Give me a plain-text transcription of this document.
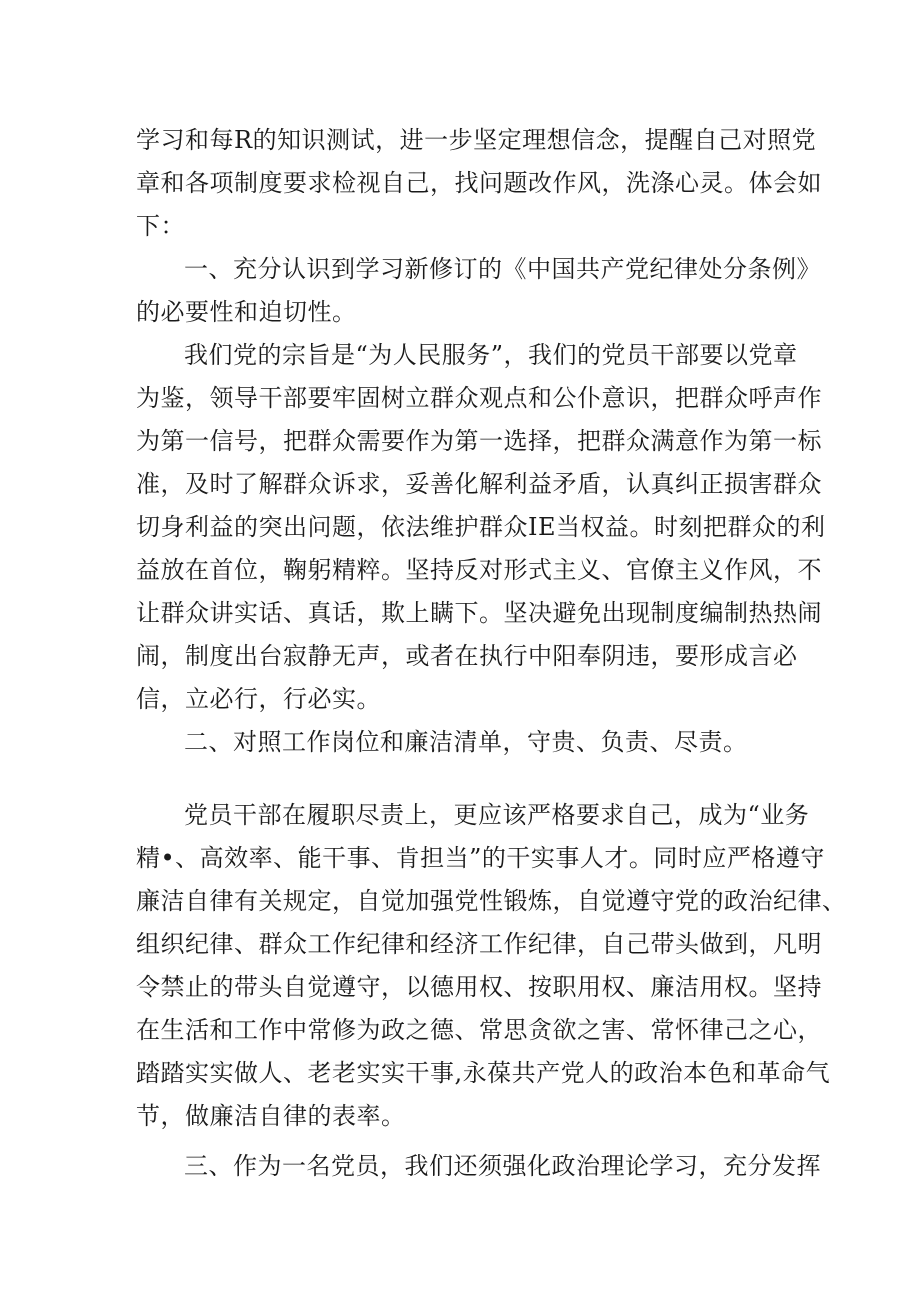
学习和每R的知识测试，进一步坚定理想信念，提醒自己对照党
章和各项制度要求检视自己，找问题改作风，洗涤心灵。体会如
下：
一、充分认识到学习新修订的《中国共产党纪律处分条例》
的必要性和迫切性。
我们党的宗旨是“为人民服务”，我们的党员干部要以党章
为鉴，领导干部要牢固树立群众观点和公仆意识，把群众呼声作
为第一信号，把群众需要作为第一选择，把群众满意作为第一标
准，及时了解群众诉求，妥善化解利益矛盾，认真纠正损害群众
切身利益的突出问题，依法维护群众IE当权益。时刻把群众的利
益放在首位，鞠躬精粹。坚持反对形式主义、官僚主义作风，不
让群众讲实话、真话，欺上瞒下。坚决避免出现制度编制热热闹
闹，制度出台寂静无声，或者在执行中阳奉阴违，要形成言必
信，立必行，行必实。
二、对照工作岗位和廉洁清单，守贵、负责、尽责。
党员干部在履职尽责上，更应该严格要求自己，成为“业务
精•、高效率、能干事、肯担当”的干实事人才。同时应严格遵守
廉洁自律有关规定，自觉加强党性锻炼，自觉遵守党的政治纪律、
组织纪律、群众工作纪律和经济工作纪律，自己带头做到，凡明
令禁止的带头自觉遵守，以德用权、按职用权、廉洁用权。坚持
在生活和工作中常修为政之德、常思贪欲之害、常怀律己之心，
踏踏实实做人、老老实实干事,永葆共产党人的政治本色和革命气
节，做廉洁自律的表率。
三、作为一名党员，我们还须强化政治理论学习，充分发挥
